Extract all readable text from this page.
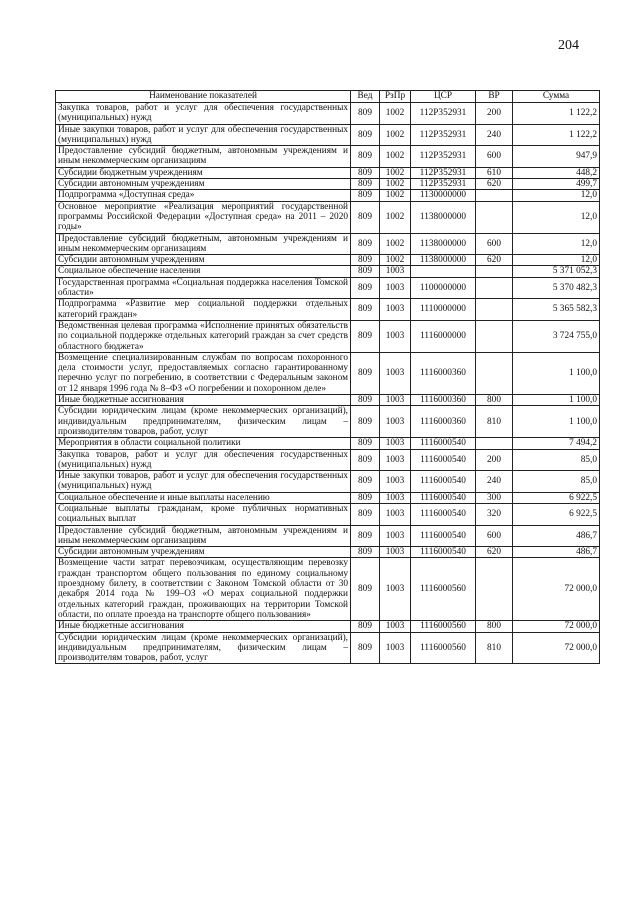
204
Наименование показателей	Вед	РзПр	ЦСР	ВР	Сумма
Закупка товаров, работ и услуг для обеспечения государственных (муниципальных) нужд	809	1002	112Р352931	200	1 122,2
Иные закупки товаров, работ и услуг для обеспечения государственных (муниципальных) нужд	809	1002	112Р352931	240	1 122,2
Предоставление субсидий бюджетным, автономным учреждениям и иным некоммерческим организациям	809	1002	112Р352931	600	947,9
Субсидии бюджетным учреждениям	809	1002	112Р352931	610	448,2
Субсидии автономным учреждениям	809	1002	112Р352931	620	499,7
Подпрограмма «Доступная среда»	809	1002	1130000000		12,0
Основное мероприятие «Реализация мероприятий государственной программы Российской Федерации «Доступная среда» на 2011 – 2020 годы»	809	1002	1138000000		12,0
Предоставление субсидий бюджетным, автономным учреждениям и иным некоммерческим организациям	809	1002	1138000000	600	12,0
Субсидии автономным учреждениям	809	1002	1138000000	620	12,0
Социальное обеспечение населения	809	1003			5 371 052,3
Государственная программа «Социальная поддержка населения Томской области»	809	1003	1100000000		5 370 482,3
Подпрограмма «Развитие мер социальной поддержки отдельных категорий граждан»	809	1003	1110000000		5 365 582,3
Ведомственная целевая программа «Исполнение принятых обязательств по социальной поддержке отдельных категорий граждан за счет средств областного бюджета»	809	1003	1116000000		3 724 755,0
Возмещение специализированным службам по вопросам похоронного дела стоимости услуг, предоставляемых согласно гарантированному перечню услуг по погребению, в соответствии с Федеральным законом от 12 января 1996 года № 8–ФЗ «О погребении и похоронном деле»	809	1003	1116000360		1 100,0
Иные бюджетные ассигнования	809	1003	1116000360	800	1 100,0
Субсидии юридическим лицам (кроме некоммерческих организаций), индивидуальным предпринимателям, физическим лицам – производителям товаров, работ, услуг	809	1003	1116000360	810	1 100,0
Мероприятия в области социальной политики	809	1003	1116000540		7 494,2
Закупка товаров, работ и услуг для обеспечения государственных (муниципальных) нужд	809	1003	1116000540	200	85,0
Иные закупки товаров, работ и услуг для обеспечения государственных (муниципальных) нужд	809	1003	1116000540	240	85,0
Социальное обеспечение и иные выплаты населению	809	1003	1116000540	300	6 922,5
Социальные выплаты гражданам, кроме публичных нормативных социальных выплат	809	1003	1116000540	320	6 922,5
Предоставление субсидий бюджетным, автономным учреждениям и иным некоммерческим организациям	809	1003	1116000540	600	486,7
Субсидии автономным учреждениям	809	1003	1116000540	620	486,7
Возмещение части затрат перевозчикам, осуществляющим перевозку граждан транспортом общего пользования по единому социальному проездному билету, в соответствии с Законом Томской области от 30 декабря 2014 года № 199–ОЗ «О мерах социальной поддержки отдельных категорий граждан, проживающих на территории Томской области, по оплате проезда на транспорте общего пользования»	809	1003	1116000560		72 000,0
Иные бюджетные ассигнования	809	1003	1116000560	800	72 000,0
Субсидии юридическим лицам (кроме некоммерческих организаций), индивидуальным предпринимателям, физическим лицам – производителям товаров, работ, услуг	809	1003	1116000560	810	72 000,0
